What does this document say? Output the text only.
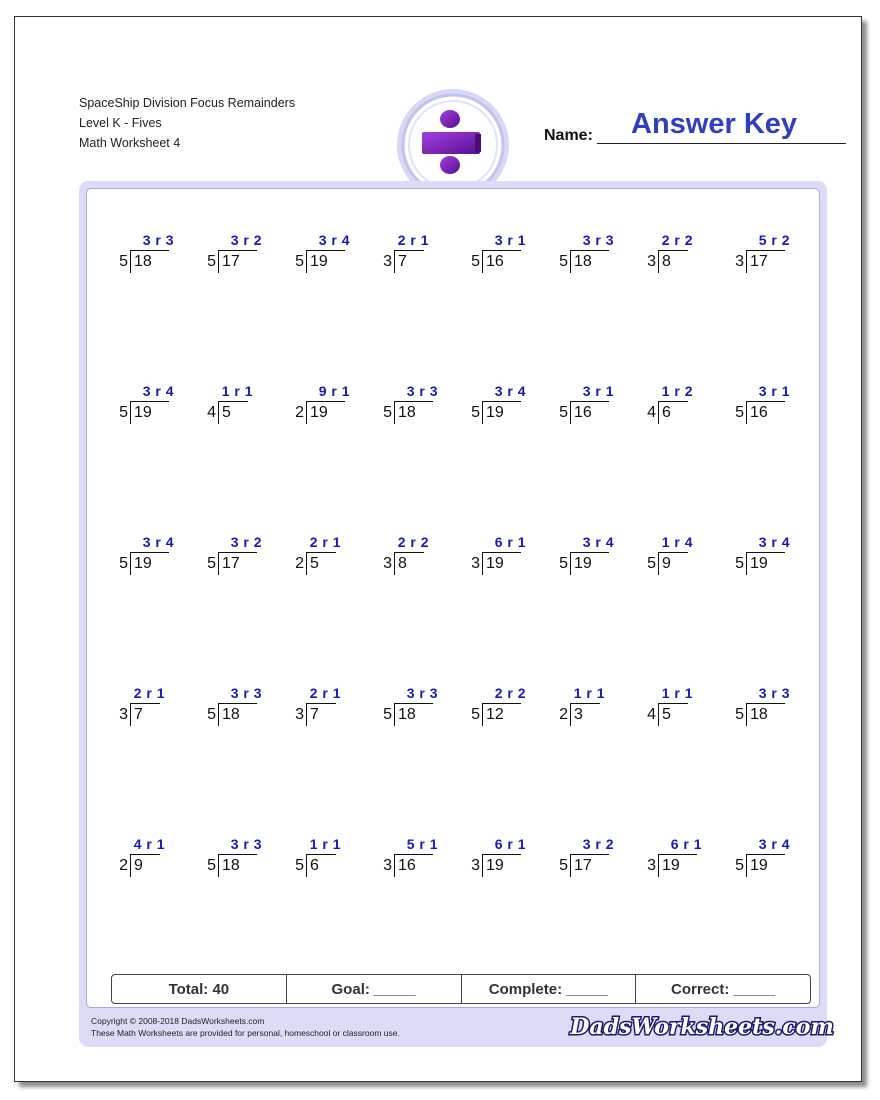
SpaceShip Division Focus Remainders
Level K - Fives
Math Worksheet 4	Name: Answer Key
3 r 3
5 18
3 r 2
5 17
3 r 4
5 19
2 r 1
3 7
3 r 1
5 16
3 r 3
5 18
2 r 2
3 8
5 r 2
3 17
3 r 4
5 19
1 r 1
4 5
9 r 1
2 19
3 r 3
5 18
3 r 4
5 19
3 r 1
5 16
1 r 2
4 6
3 r 1
5 16
3 r 4
5 19
3 r 2
5 17
2 r 1
2 5
2 r 2
3 8
6 r 1
3 19
3 r 4
5 19
1 r 4
5 9
3 r 4
5 19
2 r 1
3 7
3 r 3
5 18
2 r 1
3 7
3 r 3
5 18
2 r 2
5 12
1 r 1
2 3
1 r 1
4 5
3 r 3
5 18
4 r 1
2 9
3 r 3
5 18
1 r 1
5 6
5 r 1
3 16
6 r 1
3 19
3 r 2
5 17
6 r 1
3 19
3 r 4
5 19
Total: 40	Goal: _____	Complete: _____	Correct: _____
Copyright © 2008-2018 DadsWorksheets.com
These Math Worksheets are provided for personal, homeschool or classroom use.	DadsWorksheets.com
